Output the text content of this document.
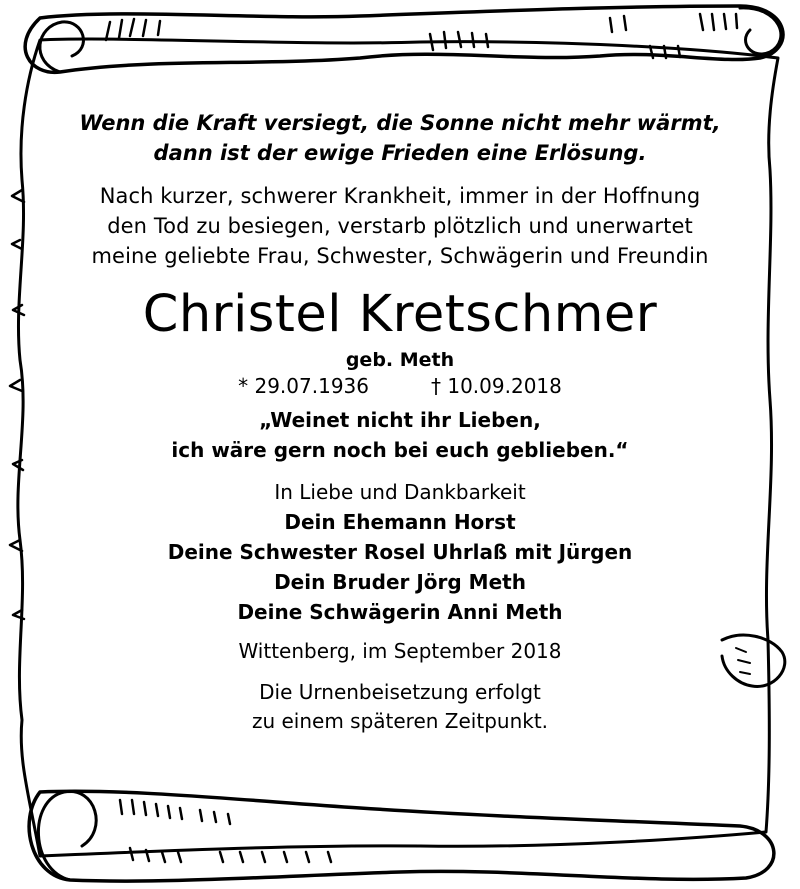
Wenn die Kraft versiegt, die Sonne nicht mehr wärmt,
dann ist der ewige Frieden eine Erlösung.
Nach kurzer, schwerer Krankheit, immer in der Hoffnung
den Tod zu besiegen, verstarb plötzlich und unerwartet
meine geliebte Frau, Schwester, Schwägerin und Freundin
Christel Kretschmer
geb. Meth
* 29.07.1936	† 10.09.2018
„Weinet nicht ihr Lieben,
ich wäre gern noch bei euch geblieben.“
In Liebe und Dankbarkeit
Dein Ehemann Horst
Deine Schwester Rosel Uhrlaß mit Jürgen
Dein Bruder Jörg Meth
Deine Schwägerin Anni Meth
Wittenberg, im September 2018
Die Urnenbeisetzung erfolgt
zu einem späteren Zeitpunkt.
